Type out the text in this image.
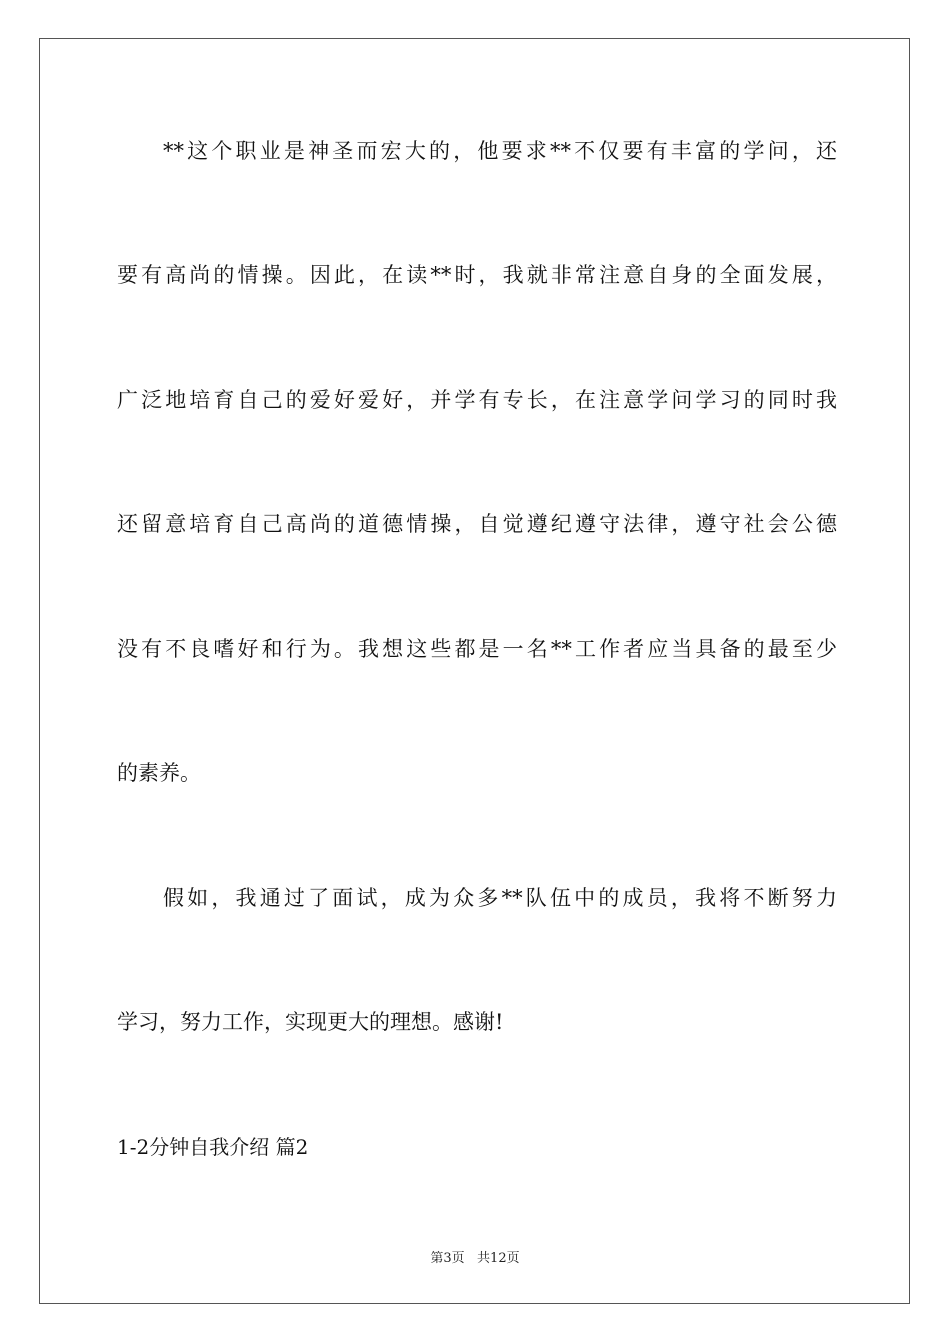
**这个职业是神圣而宏大的，他要求**不仅要有丰富的学问，还
要有高尚的情操。因此，在读**时，我就非常注意自身的全面发展，
广泛地培育自己的爱好爱好，并学有专长，在注意学问学习的同时我
还留意培育自己高尚的道德情操，自觉遵纪遵守法律，遵守社会公德
没有不良嗜好和行为。我想这些都是一名**工作者应当具备的最至少
的素养。
假如，我通过了面试，成为众多**队伍中的成员，我将不断努力
学习，努力工作，实现更大的理想。感谢!
1-2分钟自我介绍 篇2
第3页   共12页
